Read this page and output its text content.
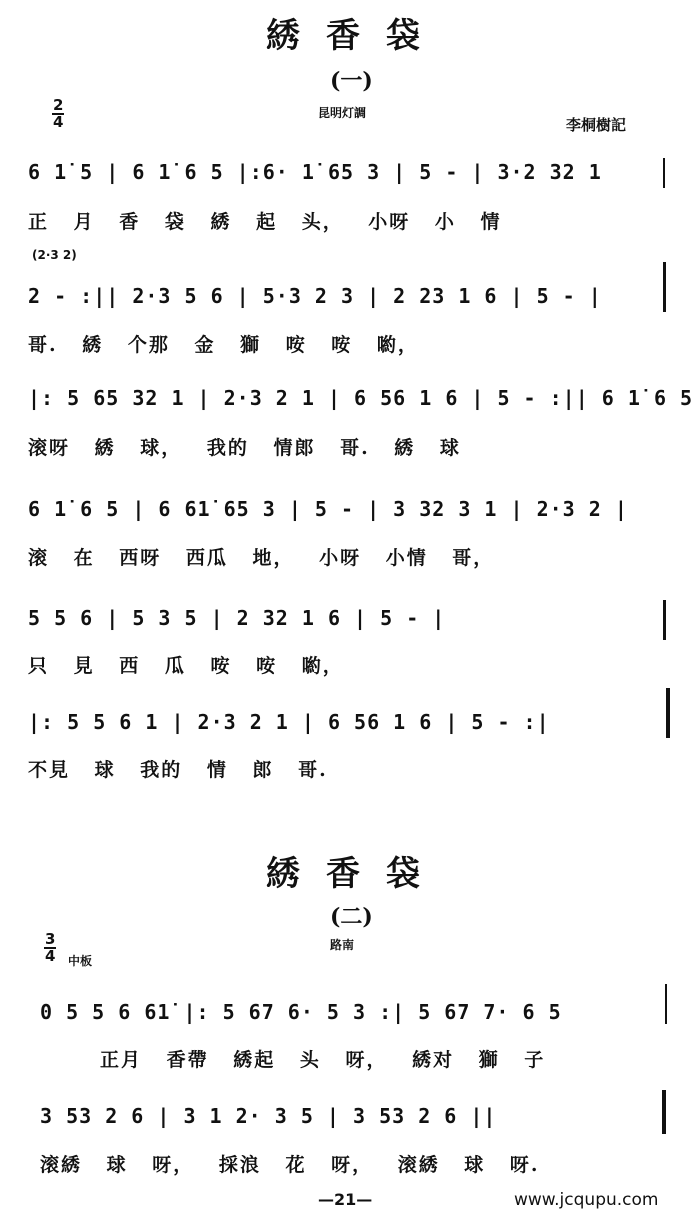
綉香袋
(一)
2
4	昆明灯調
李桐樹記
6 1̇ 5 | 6 1̇ 6 5 |:6· 1̇ 65 3 | 5 - | 3·2 32 1
正 月 香 袋 綉 起 头， 小呀 小 情
(2·3 2)
2 - :|| 2·3 5 6 | 5·3 2 3 | 2 23 1 6 | 5 - |
哥. 綉 个那 金 獅 咹 咹 喲，
|: 5 65 32 1 | 2·3 2 1 | 6 56 1 6 | 5 - :|| 6 1̇ 6 5
滚呀 綉 球， 我的 情郎 哥. 綉 球
6 1̇ 6 5 | 6 61̇ 65 3 | 5 - | 3 32 3 1 | 2·3 2 |
滚 在 西呀 西瓜 地， 小呀 小情 哥，
5 5 6 | 5 3 5 | 2 32 1 6 | 5 - |
只 見 西 瓜 咹 咹 喲，
|: 5 5 6 1 | 2·3 2 1 | 6 56 1 6 | 5 - :|
不見 球 我的 情 郎 哥.
綉香袋
(二)
3
4 中板
路南
0 5 5 6 61̇ |: 5 67 6· 5 3 :| 5 67 7· 6 5
正月 香帶 綉起 头 呀， 綉对 獅 子
3 53 2 6 | 3 1 2· 3 5 | 3 53 2 6 ||
滚綉 球 呀， 採浪 花 呀， 滚綉 球 呀.
—21—	www.jcqupu.com
